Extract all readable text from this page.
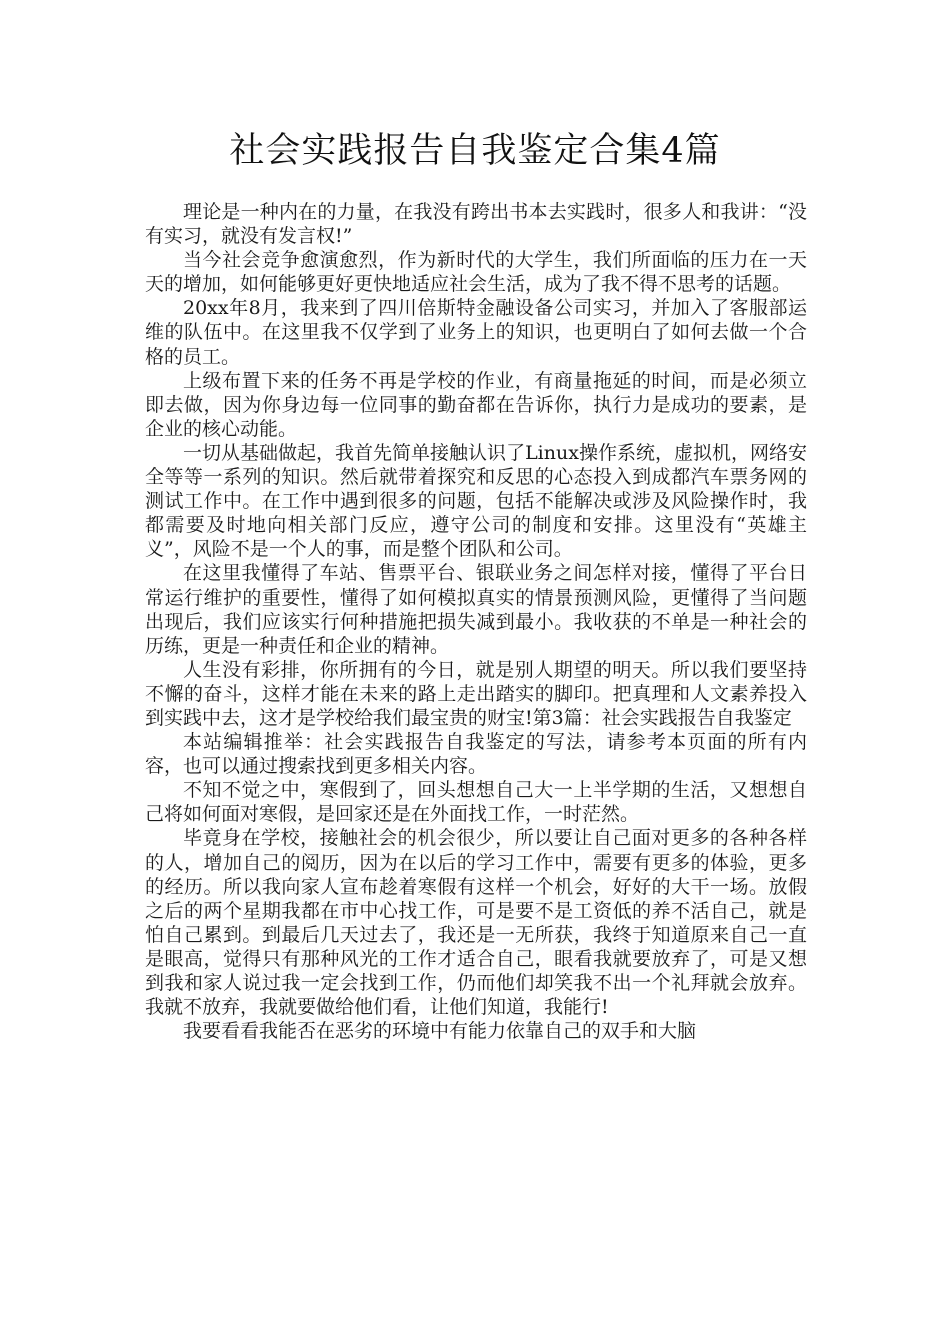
社会实践报告自我鉴定合集4篇

理论是一种内在的力量，在我没有跨出书本去实践时，很多人和我讲：“没有实习，就没有发言权!”

当今社会竞争愈演愈烈，作为新时代的大学生，我们所面临的压力在一天天的增加，如何能够更好更快地适应社会生活，成为了我不得不思考的话题。

20xx年8月，我来到了四川倍斯特金融设备公司实习，并加入了客服部运维的队伍中。在这里我不仅学到了业务上的知识，也更明白了如何去做一个合格的员工。

上级布置下来的任务不再是学校的作业，有商量拖延的时间，而是必须立即去做，因为你身边每一位同事的勤奋都在告诉你，执行力是成功的要素，是企业的核心动能。

一切从基础做起，我首先简单接触认识了Linux操作系统，虚拟机，网络安全等等一系列的知识。然后就带着探究和反思的心态投入到成都汽车票务网的测试工作中。在工作中遇到很多的问题，包括不能解决或涉及风险操作时，我都需要及时地向相关部门反应，遵守公司的制度和安排。这里没有“英雄主义”，风险不是一个人的事，而是整个团队和公司。

在这里我懂得了车站、售票平台、银联业务之间怎样对接，懂得了平台日常运行维护的重要性，懂得了如何模拟真实的情景预测风险，更懂得了当问题出现后，我们应该实行何种措施把损失减到最小。我收获的不单是一种社会的历练，更是一种责任和企业的精神。

人生没有彩排，你所拥有的今日，就是别人期望的明天。所以我们要坚持不懈的奋斗，这样才能在未来的路上走出踏实的脚印。把真理和人文素养投入到实践中去，这才是学校给我们最宝贵的财宝!第3篇：社会实践报告自我鉴定

本站编辑推举：社会实践报告自我鉴定的写法，请参考本页面的所有内容，也可以通过搜索找到更多相关内容。

不知不觉之中，寒假到了，回头想想自己大一上半学期的生活，又想想自己将如何面对寒假，是回家还是在外面找工作，一时茫然。

毕竟身在学校，接触社会的机会很少，所以要让自己面对更多的各种各样的人，增加自己的阅历，因为在以后的学习工作中，需要有更多的体验，更多的经历。所以我向家人宣布趁着寒假有这样一个机会，好好的大干一场。放假之后的两个星期我都在市中心找工作，可是要不是工资低的养不活自己，就是怕自己累到。到最后几天过去了，我还是一无所获，我终于知道原来自己一直是眼高，觉得只有那种风光的工作才适合自己，眼看我就要放弃了，可是又想到我和家人说过我一定会找到工作，仍而他们却笑我不出一个礼拜就会放弃。我就不放弃，我就要做给他们看，让他们知道，我能行!

我要看看我能否在恶劣的环境中有能力依靠自己的双手和大脑
